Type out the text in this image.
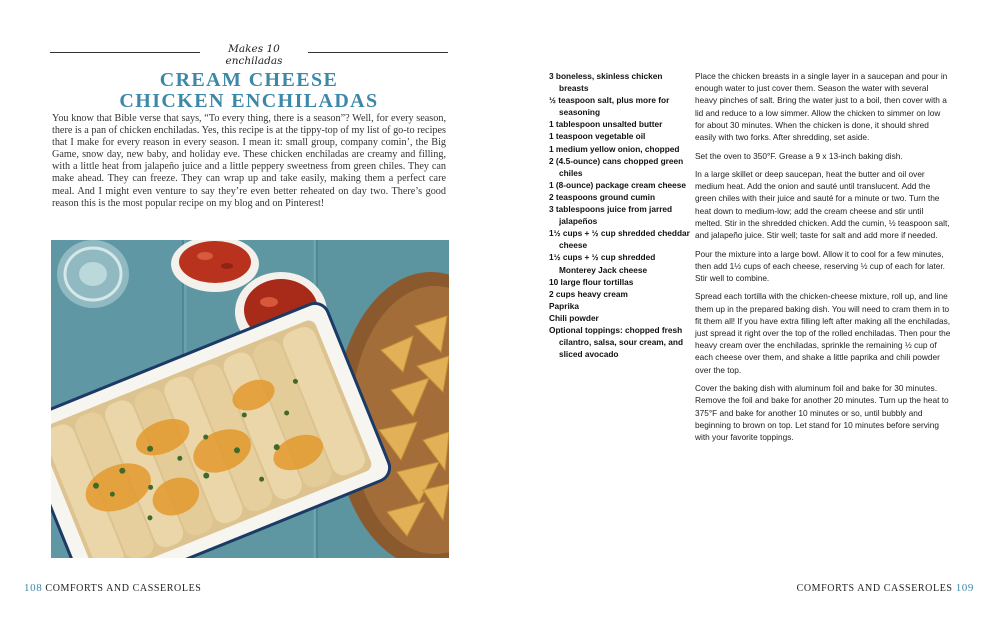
Makes 10 enchiladas
CREAM CHEESE
CHICKEN ENCHILADAS
You know that Bible verse that says, “To every thing, there is a season”? Well, for every season, there is a pan of chicken enchiladas. Yes, this recipe is at the tippy-top of my list of go-to recipes that I make for every reason in every season. I mean it: small group, company comin’, the Big Game, snow day, new baby, and holiday eve. These chicken enchiladas are creamy and filling, with a little heat from jalapeño juice and a little peppery sweetness from green chiles. They can make ahead. They can freeze. They can wrap up and take easily, making them a perfect care meal. And I might even venture to say they’re even better reheated on day two. There’s good reason this is the most popular recipe on my blog and on Pinterest!
108 COMFORTS AND CASSEROLES
3 boneless, skinless chicken breasts
½ teaspoon salt, plus more for seasoning
1 tablespoon unsalted butter
1 teaspoon vegetable oil
1 medium yellow onion, chopped
2 (4.5-ounce) cans chopped green chiles
1 (8-ounce) package cream cheese
2 teaspoons ground cumin
3 tablespoons juice from jarred jalapeños
1½ cups + ½ cup shredded cheddar cheese
1½ cups + ½ cup shredded Monterey Jack cheese
10 large flour tortillas
2 cups heavy cream
Paprika
Chili powder
Optional toppings: chopped fresh cilantro, salsa, sour cream, and sliced avocado

Place the chicken breasts in a single layer in a saucepan and pour in enough water to just cover them. Season the water with several heavy pinches of salt. Bring the water just to a boil, then cover with a lid and reduce to a low simmer. Allow the chicken to simmer on low for about 30 minutes. When the chicken is done, it should shred easily with two forks. After shredding, set aside.

Set the oven to 350°F. Grease a 9 x 13-inch baking dish.

In a large skillet or deep saucepan, heat the butter and oil over medium heat. Add the onion and sauté until translucent. Add the green chiles with their juice and sauté for a minute or two. Turn the heat down to medium-low; add the cream cheese and stir until melted. Stir in the shredded chicken. Add the cumin, ½ teaspoon salt, and jalapeño juice. Stir well; taste for salt and add more if needed.

Pour the mixture into a large bowl. Allow it to cool for a few minutes, then add 1½ cups of each cheese, reserving ½ cup of each for later. Stir well to combine.

Spread each tortilla with the chicken-cheese mixture, roll up, and line them up in the prepared baking dish. You will need to cram them in to fit them all! If you have extra filling left after making all the enchiladas, just spread it right over the top of the rolled enchiladas. Then pour the heavy cream over the enchiladas, sprinkle the remaining ½ cup of each cheese over them, and shake a little paprika and chili powder over the top.

Cover the baking dish with aluminum foil and bake for 30 minutes. Remove the foil and bake for another 20 minutes. Turn up the heat to 375°F and bake for another 10 minutes or so, until bubbly and beginning to brown on top. Let stand for 10 minutes before serving with your favorite toppings.

COMFORTS AND CASSEROLES 109
